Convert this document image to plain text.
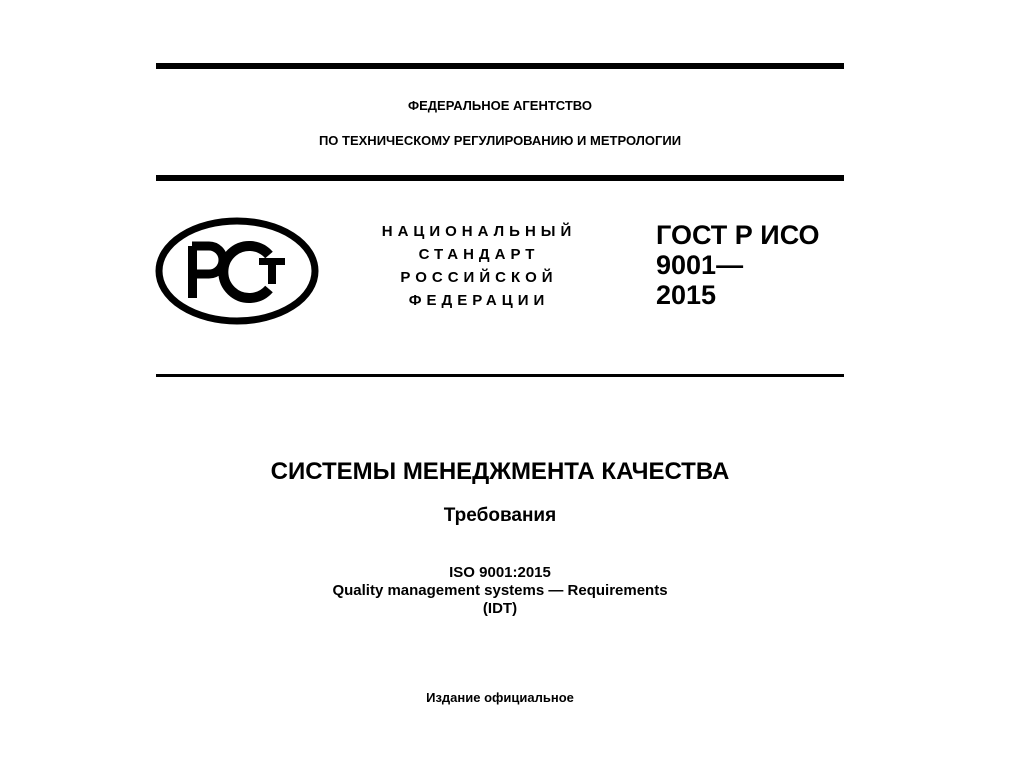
ФЕДЕРАЛЬНОЕ АГЕНТСТВО
ПО ТЕХНИЧЕСКОМУ РЕГУЛИРОВАНИЮ И МЕТРОЛОГИИ
НАЦИОНАЛЬНЫЙ
СТАНДАРТ
РОССИЙСКОЙ
ФЕДЕРАЦИИ
ГОСТ Р ИСО
9001—
2015
СИСТЕМЫ МЕНЕДЖМЕНТА КАЧЕСТВА
Требования
ISO 9001:2015
Quality management systems — Requirements
(IDT)
Издание официальное
